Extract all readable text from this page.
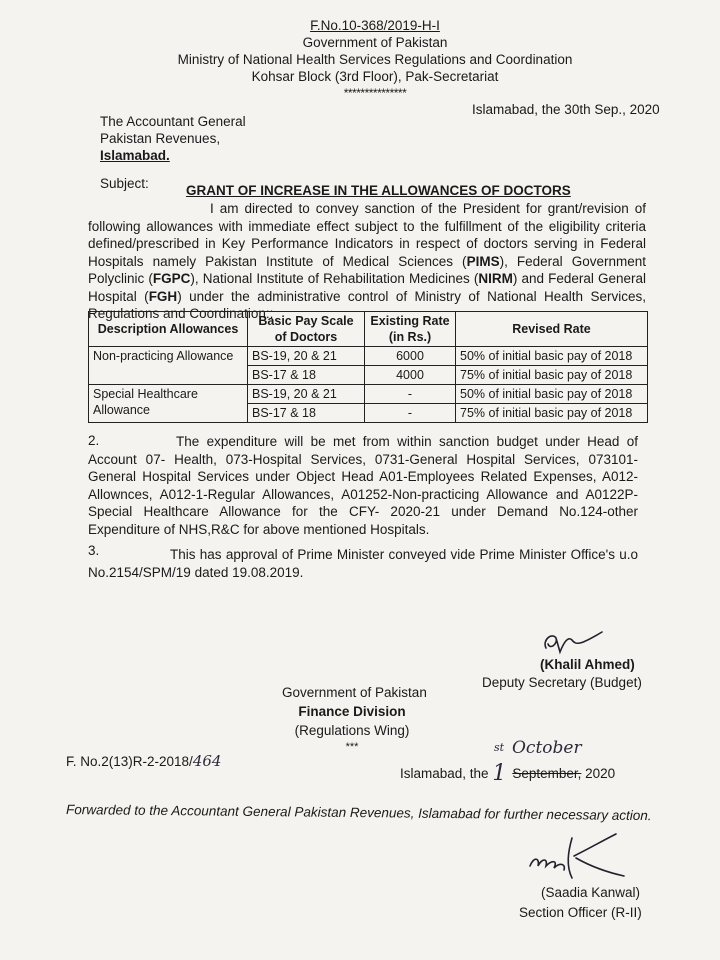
F.No.10-368/2019-H-I
Government of Pakistan
Ministry of National Health Services Regulations and Coordination
Kohsar Block (3rd Floor), Pak-Secretariat
***************
Islamabad, the 30th Sep., 2020
The Accountant General
Pakistan Revenues,
Islamabad.
Subject:	GRANT OF INCREASE IN THE ALLOWANCES OF DOCTORS
I am directed to convey sanction of the President for grant/revision of following allowances with immediate effect subject to the fulfillment of the eligibility criteria defined/prescribed in Key Performance Indicators in respect of doctors serving in Federal Hospitals namely Pakistan Institute of Medical Sciences (PIMS), Federal Government Polyclinic (FGPC), National Institute of Rehabilitation Medicines (NIRM) and Federal General Hospital (FGH) under the administrative control of Ministry of National Health Services, Regulations and Coordination::
Description Allowances	Basic Pay Scale of Doctors	Existing Rate (in Rs.)	Revised Rate
Non-practicing Allowance	BS-19, 20 & 21	6000	50% of initial basic pay of 2018
	BS-17 & 18	4000	75% of initial basic pay of 2018
Special Healthcare Allowance	BS-19, 20 & 21	-	50% of initial basic pay of 2018
	BS-17 & 18	-	75% of initial basic pay of 2018
2.	The expenditure will be met from within sanction budget under Head of Account 07- Health, 073-Hospital Services, 0731-General Hospital Services, 073101-General Hospital Services under Object Head A01-Employees Related Expenses, A012-Allownces, A012-1-Regular Allowances, A01252-Non-practicing Allowance and A0122P-Special Healthcare Allowance for the CFY- 2020-21 under Demand No.124-other Expenditure of NHS,R&C for above mentioned Hospitals.
3.	This has approval of Prime Minister conveyed vide Prime Minister Office's u.o No.2154/SPM/19 dated 19.08.2019.
(Khalil Ahmed)
Deputy Secretary (Budget)
Government of Pakistan
Finance Division
(Regulations Wing)
***
F. No.2(13)R-2-2018/464
Islamabad, the 1 September, 2020
st October
Forwarded to the Accountant General Pakistan Revenues, Islamabad for further necessary action.
(Saadia Kanwal)
Section Officer (R-II)
